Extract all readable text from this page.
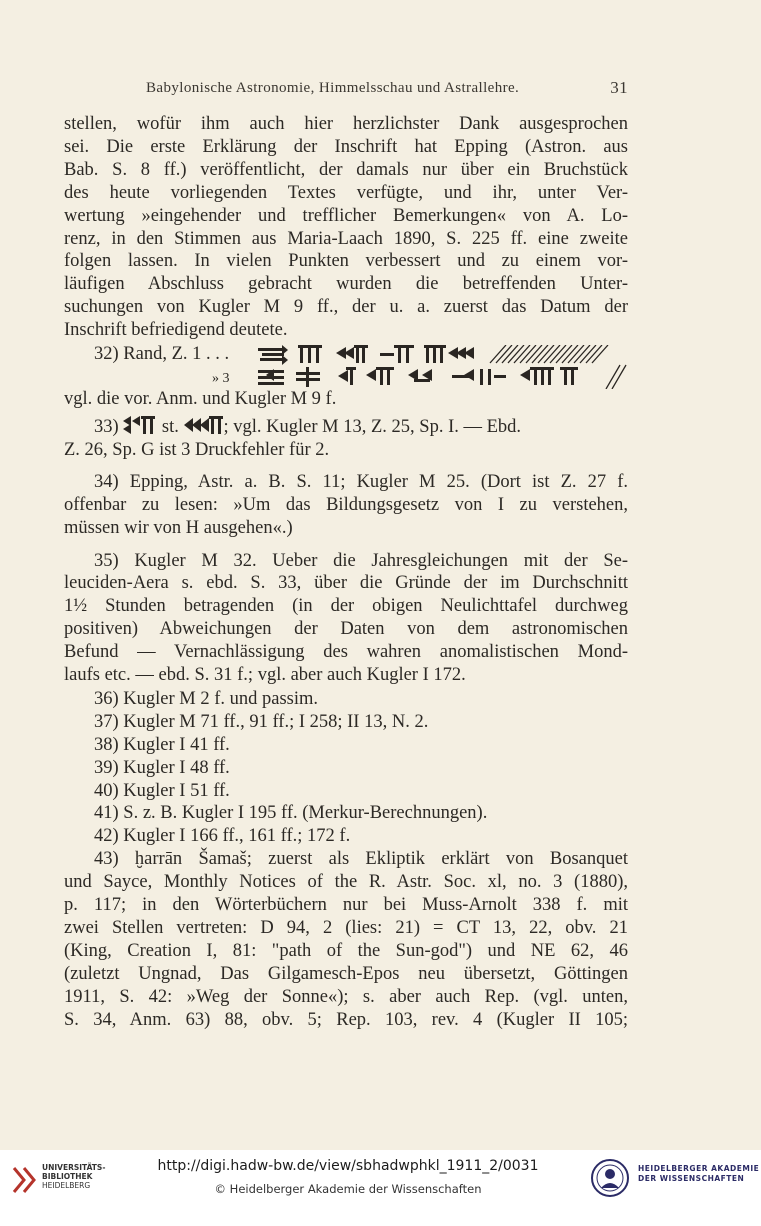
Babylonische Astronomie, Himmelsschau und Astrallehre.	31
stellen, wofür ihm auch hier herzlichster Dank ausgesprochen
sei. Die erste Erklärung der Inschrift hat Epping (Astron. aus
Bab. S. 8 ff.) veröffentlicht, der damals nur über ein Bruchstück
des heute vorliegenden Textes verfügte, und ihr, unter Ver-
wertung »eingehender und trefflicher Bemerkungen« von A. Lo-
renz, in den Stimmen aus Maria-Laach 1890, S. 225 ff. eine zweite
folgen lassen. In vielen Punkten verbessert und zu einem vor-
läufigen Abschluss gebracht wurden die betreffenden Unter-
suchungen von Kugler M 9 ff., der u. a. zuerst das Datum der
Inschrift befriedigend deutete.
32) Rand, Z. 1 . . .
» 3
vgl. die vor. Anm. und Kugler M 9 f.
33) st. ; vgl. Kugler M 13, Z. 25, Sp. I. — Ebd.
Z. 26, Sp. G ist 3 Druckfehler für 2.
34) Epping, Astr. a. B. S. 11; Kugler M 25. (Dort ist Z. 27 f.
offenbar zu lesen: »Um das Bildungsgesetz von I zu verstehen,
müssen wir von H ausgehen«.)
35) Kugler M 32. Ueber die Jahresgleichungen mit der Se-
leuciden-Aera s. ebd. S. 33, über die Gründe der im Durchschnitt
1½ Stunden betragenden (in der obigen Neulichttafel durchweg
positiven) Abweichungen der Daten von dem astronomischen
Befund — Vernachlässigung des wahren anomalistischen Mond-
laufs etc. — ebd. S. 31 f.; vgl. aber auch Kugler I 172.
36) Kugler M 2 f. und passim.
37) Kugler M 71 ff., 91 ff.; I 258; II 13, N. 2.
38) Kugler I 41 ff.
39) Kugler I 48 ff.
40) Kugler I 51 ff.
41) S. z. B. Kugler I 195 ff. (Merkur-Berechnungen).
42) Kugler I 166 ff., 161 ff.; 172 f.
43) ḫarrān Šamaš; zuerst als Ekliptik erklärt von Bosanquet
und Sayce, Monthly Notices of the R. Astr. Soc. xl, no. 3 (1880),
p. 117; in den Wörterbüchern nur bei Muss-Arnolt 338 f. mit
zwei Stellen vertreten: D 94, 2 (lies: 21) = CT 13, 22, obv. 21
(King, Creation I, 81: "path of the Sun-god") und NE 62, 46
(zuletzt Ungnad, Das Gilgamesch-Epos neu übersetzt, Göttingen
1911, S. 42: »Weg der Sonne«); s. aber auch Rep. (vgl. unten,
S. 34, Anm. 63) 88, obv. 5; Rep. 103, rev. 4 (Kugler II 105;
UNIVERSITÄTS-
BIBLIOTHEK
HEIDELBERG
http://digi.hadw-bw.de/view/sbhadwphkl_1911_2/0031
© Heidelberger Akademie der Wissenschaften
HEIDELBERGER AKADEMIE
DER WISSENSCHAFTEN
